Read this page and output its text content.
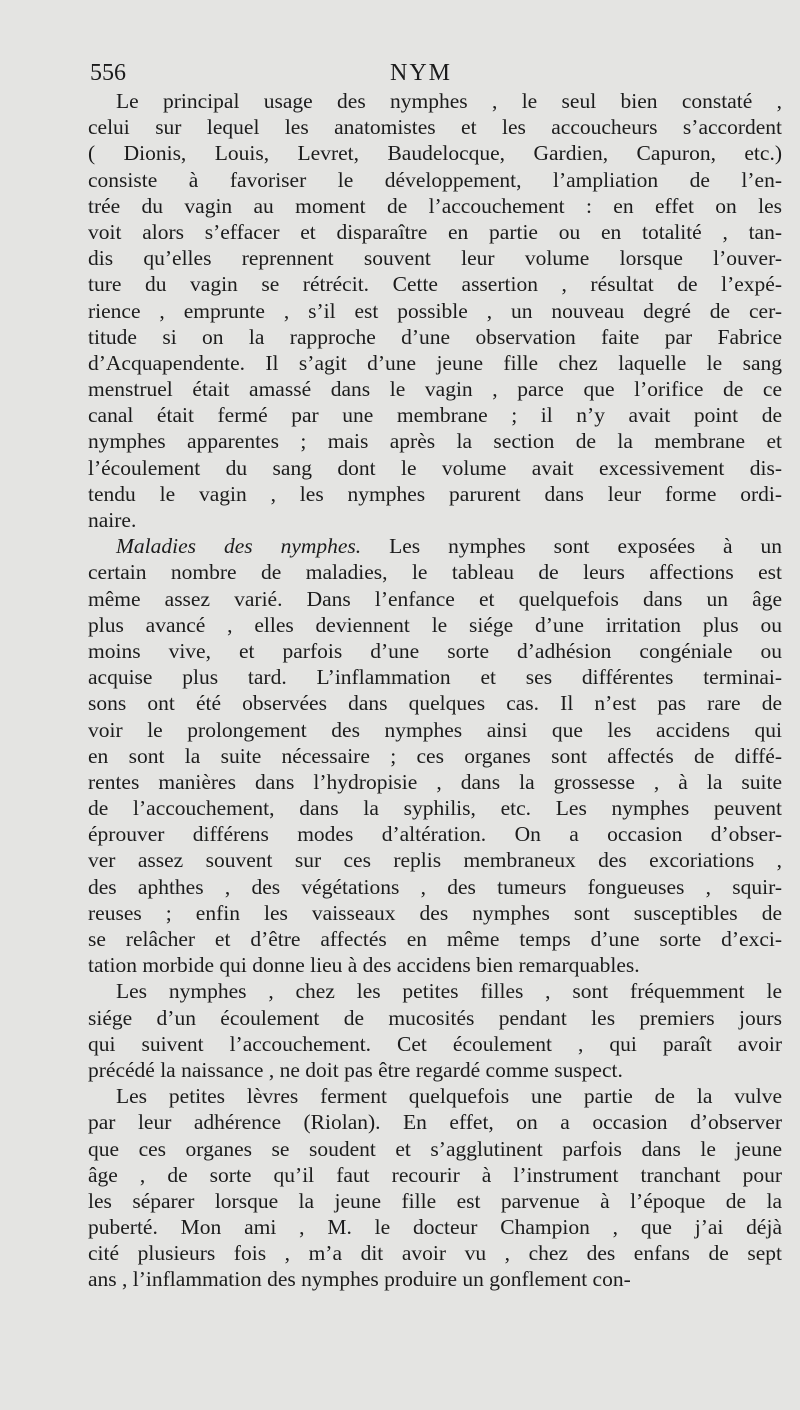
556	NYM
Le principal usage des nymphes , le seul bien constaté ,
celui sur lequel les anatomistes et les accoucheurs s’accordent
( Dionis, Louis, Levret, Baudelocque, Gardien, Capuron, etc.)
consiste à favoriser le développement, l’ampliation de l’en-
trée du vagin au moment de l’accouchement : en effet on les
voit alors s’effacer et disparaître en partie ou en totalité , tan-
dis qu’elles reprennent souvent leur volume lorsque l’ouver-
ture du vagin se rétrécit. Cette assertion , résultat de l’expé-
rience , emprunte , s’il est possible , un nouveau degré de cer-
titude si on la rapproche d’une observation faite par Fabrice
d’Acquapendente. Il s’agit d’une jeune fille chez laquelle le sang
menstruel était amassé dans le vagin , parce que l’orifice de ce
canal était fermé par une membrane ; il n’y avait point de
nymphes apparentes ; mais après la section de la membrane et
l’écoulement du sang dont le volume avait excessivement dis-
tendu le vagin , les nymphes parurent dans leur forme ordi-
naire.
Maladies des nymphes. Les nymphes sont exposées à un
certain nombre de maladies, le tableau de leurs affections est
même assez varié. Dans l’enfance et quelquefois dans un âge
plus avancé , elles deviennent le siége d’une irritation plus ou
moins vive, et parfois d’une sorte d’adhésion congéniale ou
acquise plus tard. L’inflammation et ses différentes terminai-
sons ont été observées dans quelques cas. Il n’est pas rare de
voir le prolongement des nymphes ainsi que les accidens qui
en sont la suite nécessaire ; ces organes sont affectés de diffé-
rentes manières dans l’hydropisie , dans la grossesse , à la suite
de l’accouchement, dans la syphilis, etc. Les nymphes peuvent
éprouver différens modes d’altération. On a occasion d’obser-
ver assez souvent sur ces replis membraneux des excoriations ,
des aphthes , des végétations , des tumeurs fongueuses , squir-
reuses ; enfin les vaisseaux des nymphes sont susceptibles de
se relâcher et d’être affectés en même temps d’une sorte d’exci-
tation morbide qui donne lieu à des accidens bien remarquables.
Les nymphes , chez les petites filles , sont fréquemment le
siége d’un écoulement de mucosités pendant les premiers jours
qui suivent l’accouchement. Cet écoulement , qui paraît avoir
précédé la naissance , ne doit pas être regardé comme suspect.
Les petites lèvres ferment quelquefois une partie de la vulve
par leur adhérence (Riolan). En effet, on a occasion d’observer
que ces organes se soudent et s’agglutinent parfois dans le jeune
âge , de sorte qu’il faut recourir à l’instrument tranchant pour
les séparer lorsque la jeune fille est parvenue à l’époque de la
puberté. Mon ami , M. le docteur Champion , que j’ai déjà
cité plusieurs fois , m’a dit avoir vu , chez des enfans de sept
ans , l’inflammation des nymphes produire un gonflement con-
